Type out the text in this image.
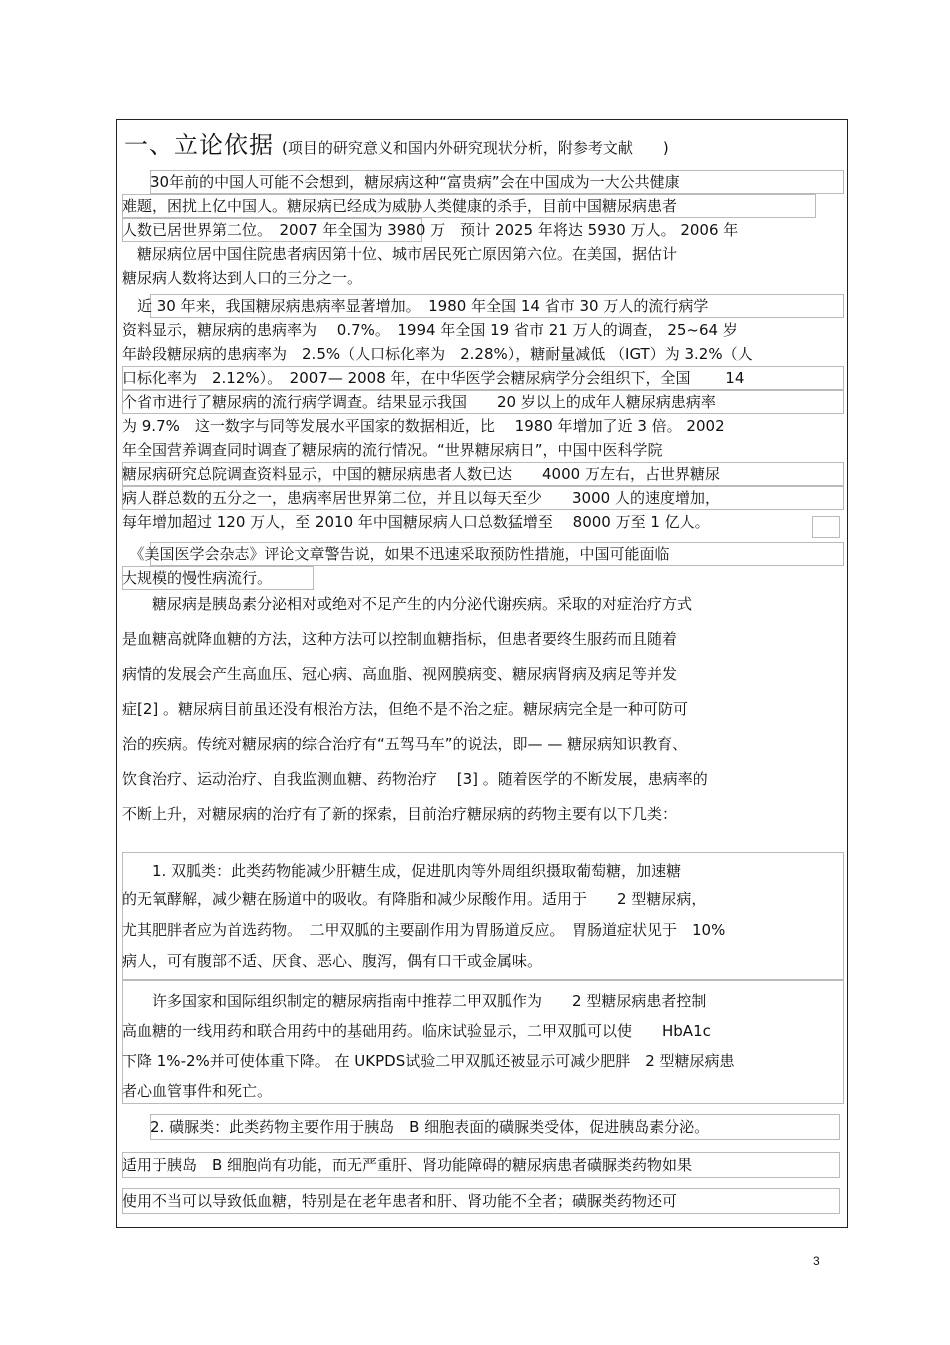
一、立论依据 (项目的研究意义和国内外研究现状分析，附参考文献　　)
30年前的中国人可能不会想到，糖尿病这种“富贵病”会在中国成为一大公共健康
难题，困扰上亿中国人。糖尿病已经成为威胁人类健康的杀手，目前中国糖尿病患者
人数已居世界第二位。　2007 年全国为 3980 万　预计 2025 年将达 5930 万人。 2006 年
　糖尿病位居中国住院患者病因第十位、城市居民死亡原因第六位。在美国，据估计
糖尿病人数将达到人口的三分之一。
　近 30 年来，我国糖尿病患病率显著增加。　1980 年全国 14 省市 30 万人的流行病学
资料显示，糖尿病的患病率为　 0.7%。　1994 年全国 19 省市 21 万人的调查， 25~64 岁
年龄段糖尿病的患病率为　2.5%（人口标化率为　2.28%），糖耐量减低 （IGT）为 3.2%（人
口标化率为　2.12%）。　2007— 2008 年，在中华医学会糖尿病学分会组织下，全国　　 14
个省市进行了糖尿病的流行病学调查。结果显示我国　　20 岁以上的成年人糖尿病患病率
为 9.7%　这一数字与同等发展水平国家的数据相近，比　 1980 年增加了近 3 倍。 2002
年全国营养调查同时调查了糖尿病的流行情况。“世界糖尿病日”，中国中医科学院
糖尿病研究总院调查资料显示，中国的糖尿病患者人数已达　　4000 万左右，占世界糖尿
病人群总数的五分之一，患病率居世界第二位，并且以每天至少　　3000 人的速度增加，
每年增加超过 120 万人，至 2010 年中国糖尿病人口总数猛增至　 8000 万至 1 亿人。
　《美国医学会杂志》评论文章警告说，如果不迅速采取预防性措施，中国可能面临
大规模的慢性病流行。
　　糖尿病是胰岛素分泌相对或绝对不足产生的内分泌代谢疾病。采取的对症治疗方式
是血糖高就降血糖的方法，这种方法可以控制血糖指标，但患者要终生服药而且随着
病情的发展会产生高血压、冠心病、高血脂、视网膜病变、糖尿病肾病及病足等并发
症[2] 。糖尿病目前虽还没有根治方法，但绝不是不治之症。糖尿病完全是一种可防可
治的疾病。传统对糖尿病的综合治疗有“五驾马车”的说法，即— — 糖尿病知识教育、
饮食治疗、运动治疗、自我监测血糖、药物治疗　 [3] 。随着医学的不断发展，患病率的
不断上升，对糖尿病的治疗有了新的探索，目前治疗糖尿病的药物主要有以下几类：
　　1. 双胍类：此类药物能减少肝糖生成，促进肌肉等外周组织摄取葡萄糖，加速糖
的无氧酵解，减少糖在肠道中的吸收。有降脂和减少尿酸作用。适用于　　2 型糖尿病，
尤其肥胖者应为首选药物。　二甲双胍的主要副作用为胃肠道反应。　胃肠道症状见于　10%
病人，可有腹部不适、厌食、恶心、腹泻，偶有口干或金属味。
　　许多国家和国际组织制定的糖尿病指南中推荐二甲双胍作为　　2 型糖尿病患者控制
高血糖的一线用药和联合用药中的基础用药。临床试验显示，二甲双胍可以使　　HbA1c
下降 1%-2%并可使体重下降。 在 UKPDS试验二甲双胍还被显示可减少肥胖　2 型糖尿病患
者心血管事件和死亡。
2. 磺脲类：此类药物主要作用于胰岛　B 细胞表面的磺脲类受体，促进胰岛素分泌。
适用于胰岛　B 细胞尚有功能，而无严重肝、肾功能障碍的糖尿病患者磺脲类药物如果
使用不当可以导致低血糖，特别是在老年患者和肝、肾功能不全者；磺脲类药物还可
3
